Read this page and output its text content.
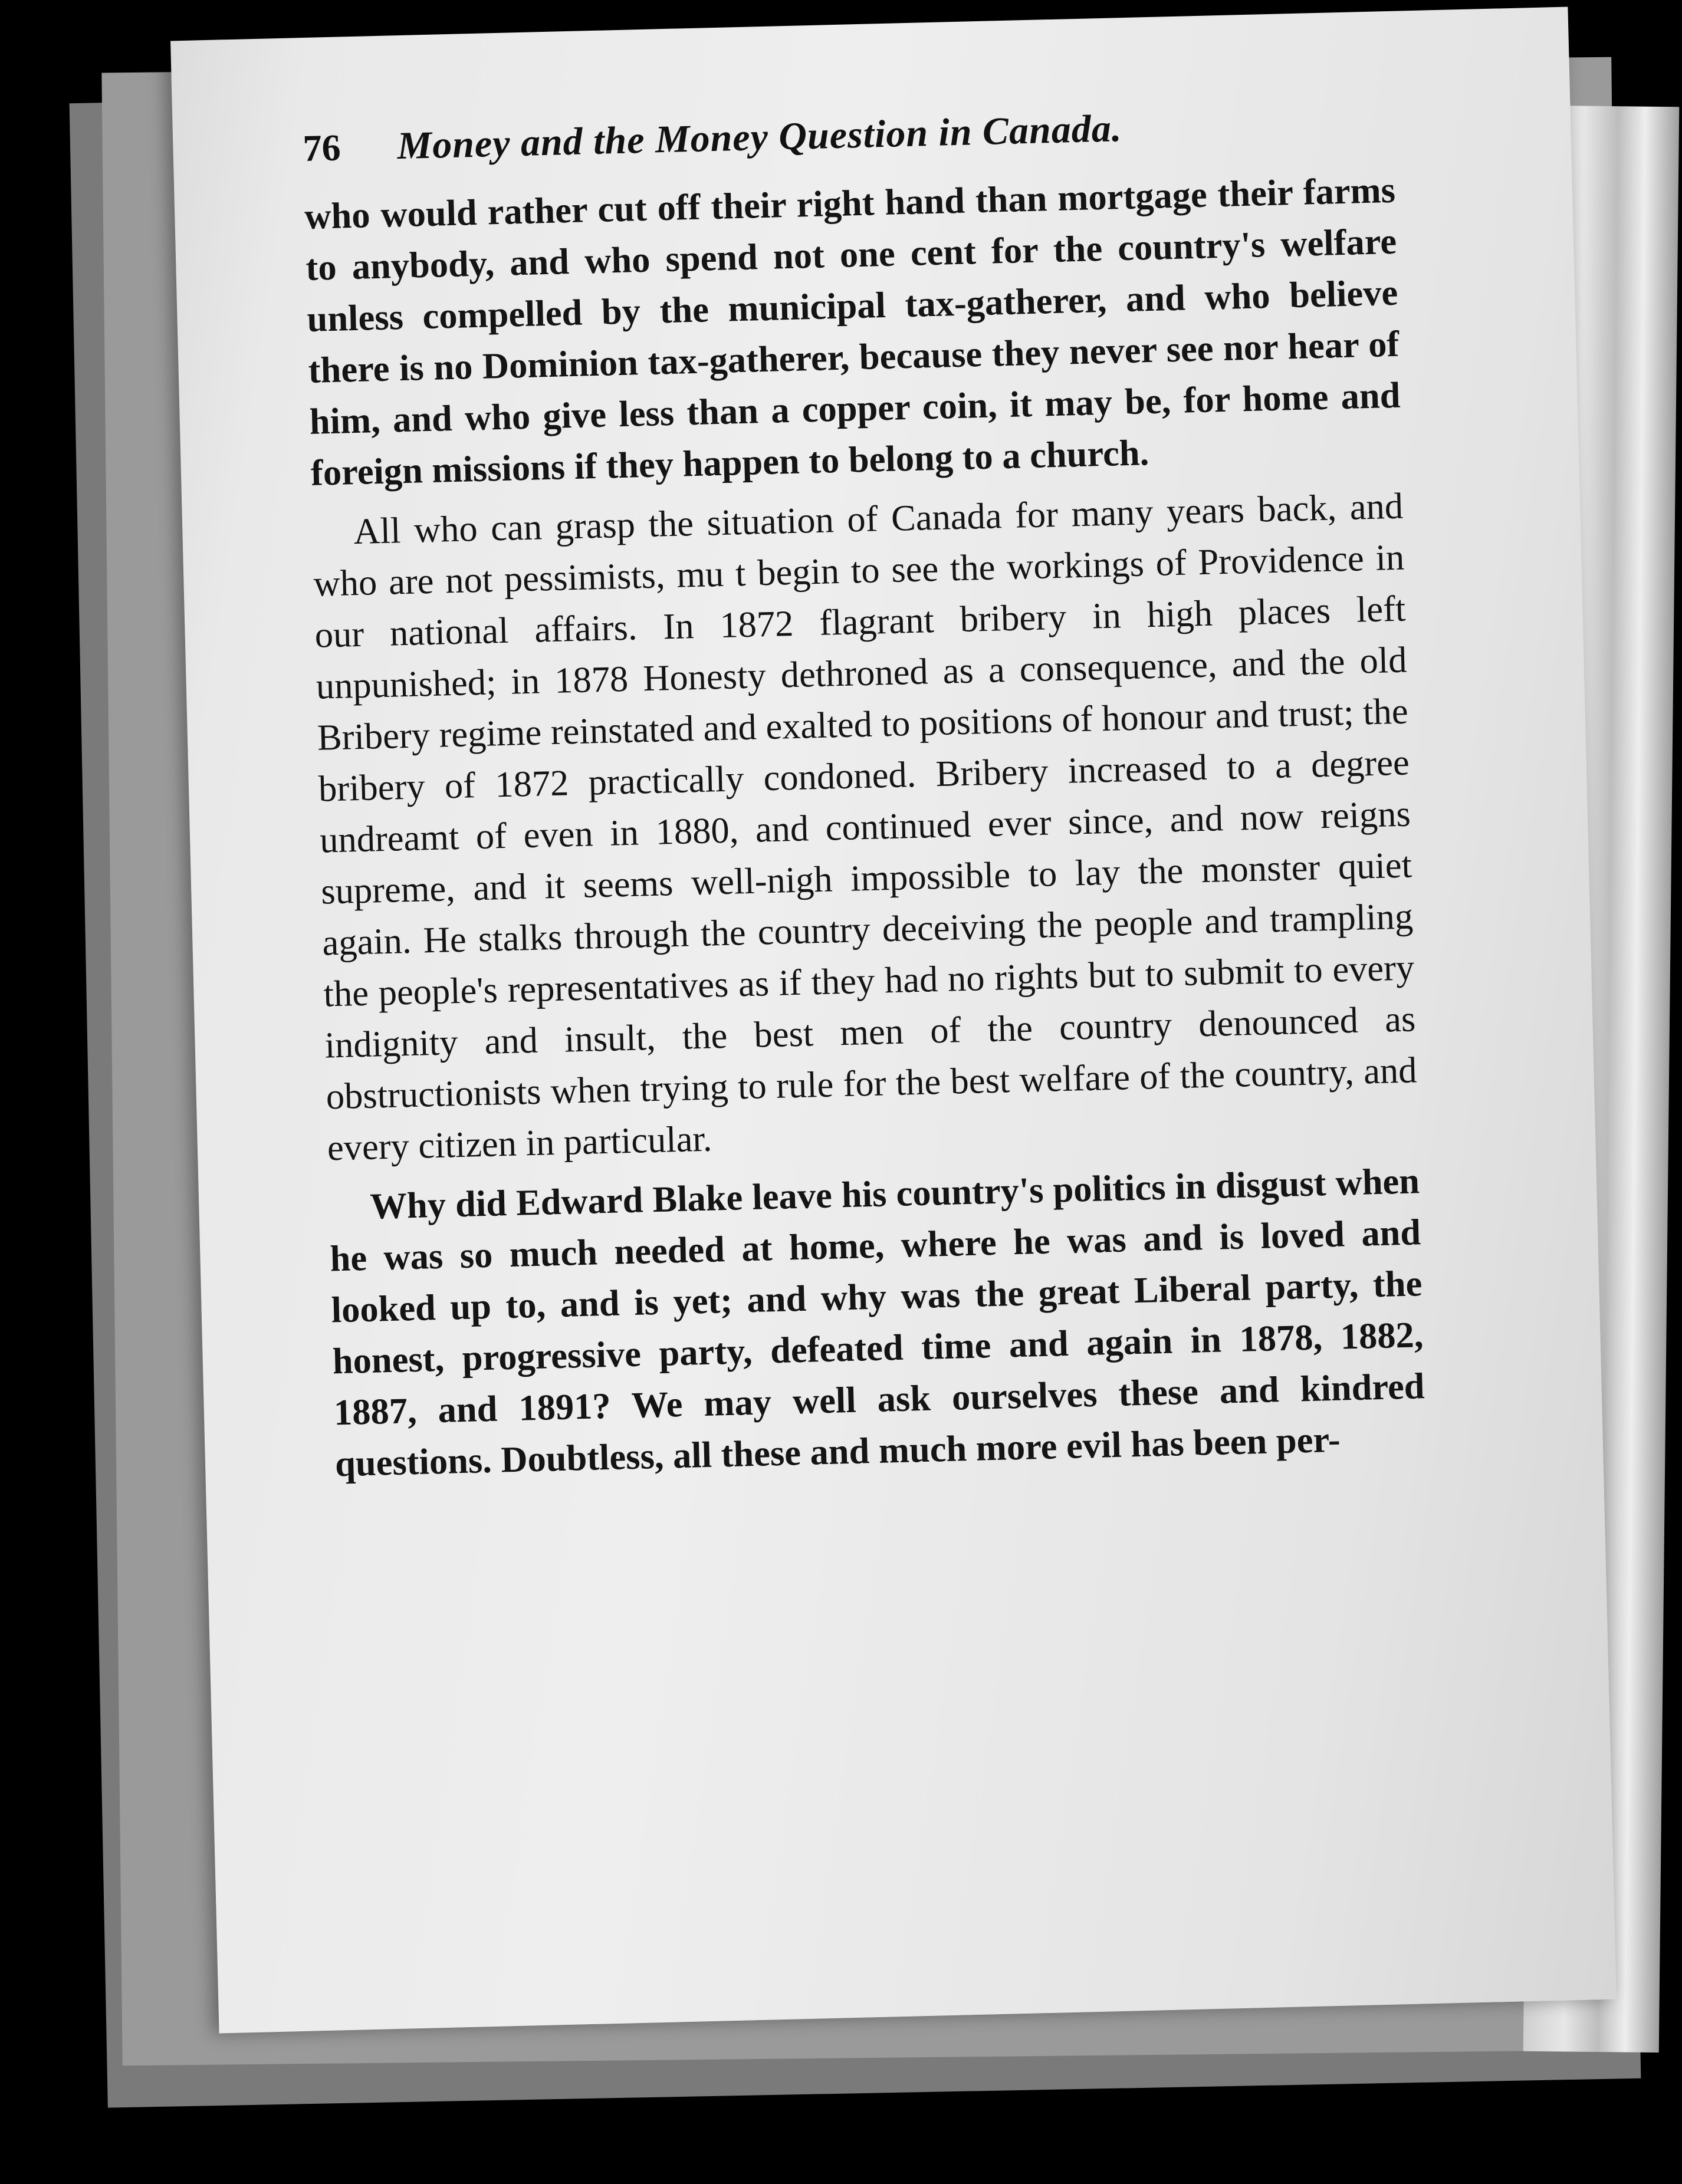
76	Money and the Money Question in Canada.

who would rather cut off their right hand than mortgage their farms to anybody, and who spend not one cent for the country's welfare unless compelled by the municipal tax-gatherer, and who believe there is no Dominion tax-gatherer, because they never see nor hear of him, and who give less than a copper coin, it may be, for home and foreign missions if they happen to belong to a church.

All who can grasp the situation of Canada for many years back, and who are not pessimists, mu t begin to see the workings of Providence in our national affairs. In 1872 flagrant bribery in high places left unpunished; in 1878 Honesty dethroned as a consequence, and the old Bribery regime reinstated and exalted to positions of honour and trust; the bribery of 1872 practically condoned. Bribery increased to a degree undreamt of even in 1880, and continued ever since, and now reigns supreme, and it seems well-nigh impossible to lay the monster quiet again. He stalks through the country deceiving the people and trampling the people's representatives as if they had no rights but to submit to every indignity and insult, the best men of the country denounced as obstructionists when trying to rule for the best welfare of the country, and every citizen in particular.

Why did Edward Blake leave his country's politics in disgust when he was so much needed at home, where he was and is loved and looked up to, and is yet; and why was the great Liberal party, the honest, progressive party, defeated time and again in 1878, 1882, 1887, and 1891? We may well ask ourselves these and kindred questions. Doubtless, all these and much more evil has been per-
